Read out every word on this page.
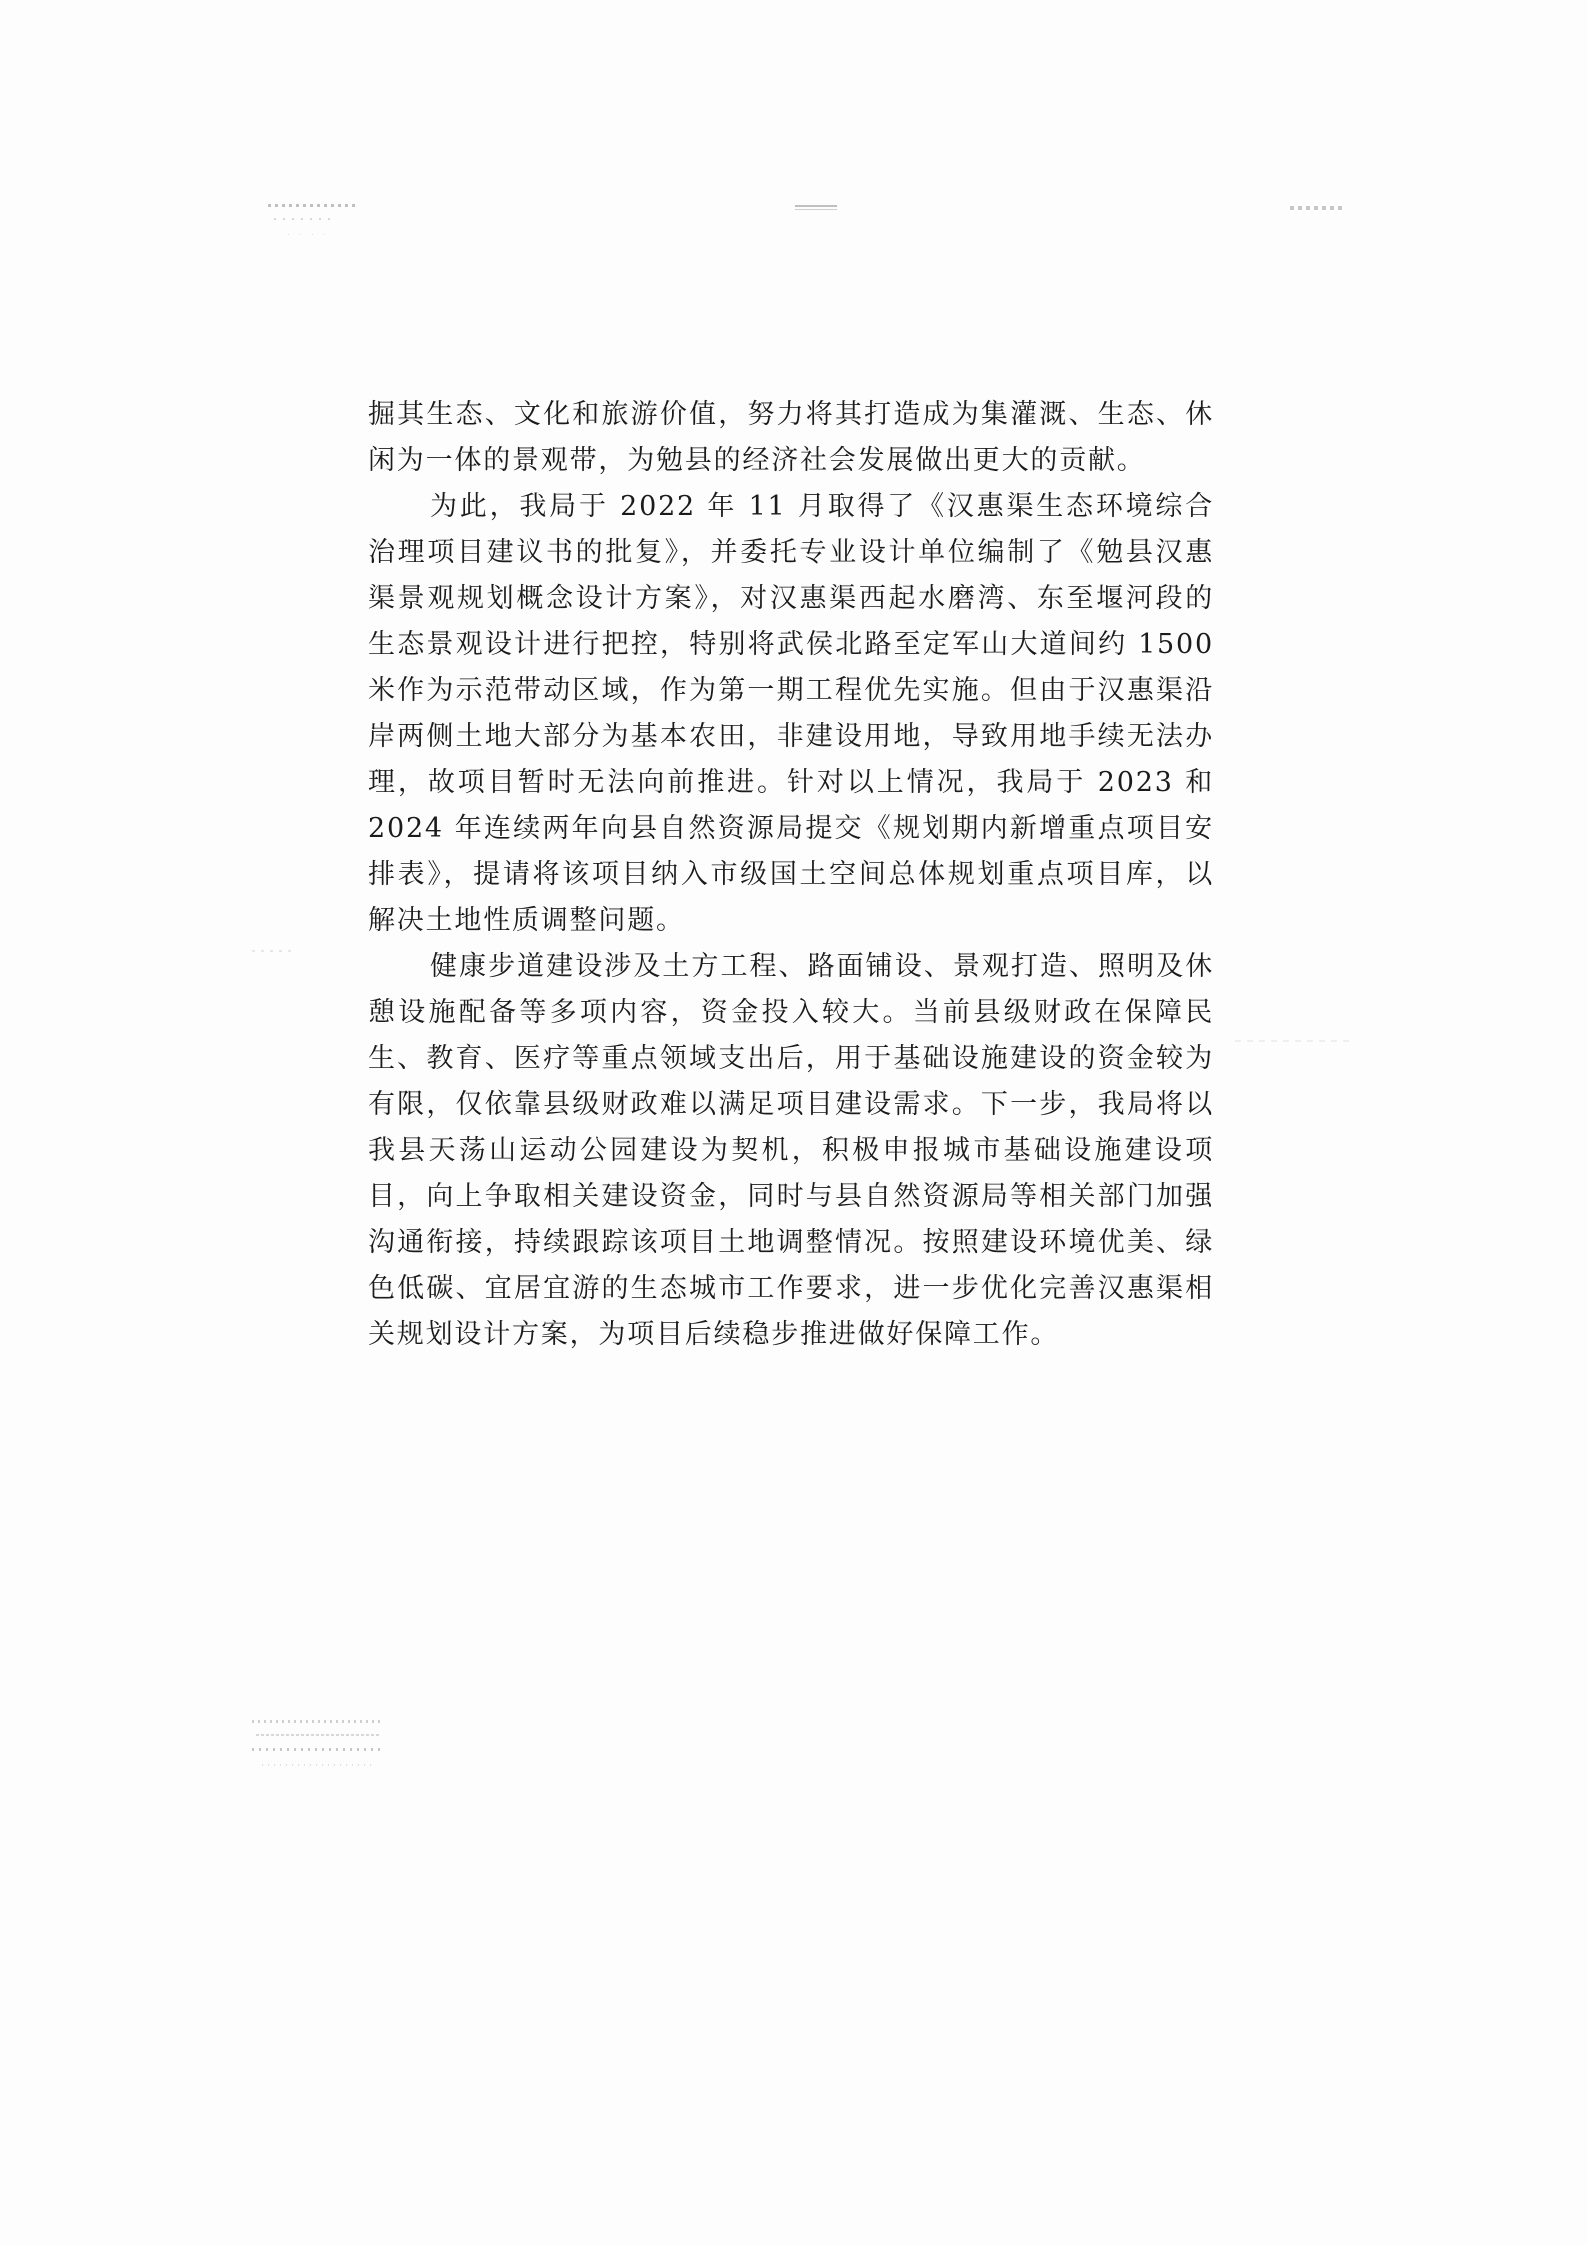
掘其生态、文化和旅游价值，努力将其打造成为集灌溉、生态、休闲为一体的景观带，为勉县的经济社会发展做出更大的贡献。

为此，我局于 2022 年 11 月取得了《汉惠渠生态环境综合治理项目建议书的批复》，并委托专业设计单位编制了《勉县汉惠渠景观规划概念设计方案》，对汉惠渠西起水磨湾、东至堰河段的生态景观设计进行把控，特别将武侯北路至定军山大道间约 1500 米作为示范带动区域，作为第一期工程优先实施。但由于汉惠渠沿岸两侧土地大部分为基本农田，非建设用地，导致用地手续无法办理，故项目暂时无法向前推进。针对以上情况，我局于 2023 和 2024 年连续两年向县自然资源局提交《规划期内新增重点项目安排表》，提请将该项目纳入市级国土空间总体规划重点项目库，以解决土地性质调整问题。

健康步道建设涉及土方工程、路面铺设、景观打造、照明及休憩设施配备等多项内容，资金投入较大。当前县级财政在保障民生、教育、医疗等重点领域支出后，用于基础设施建设的资金较为有限，仅依靠县级财政难以满足项目建设需求。下一步，我局将以我县天荡山运动公园建设为契机，积极申报城市基础设施建设项目，向上争取相关建设资金，同时与县自然资源局等相关部门加强沟通衔接，持续跟踪该项目土地调整情况。按照建设环境优美、绿色低碳、宜居宜游的生态城市工作要求，进一步优化完善汉惠渠相关规划设计方案，为项目后续稳步推进做好保障工作。
